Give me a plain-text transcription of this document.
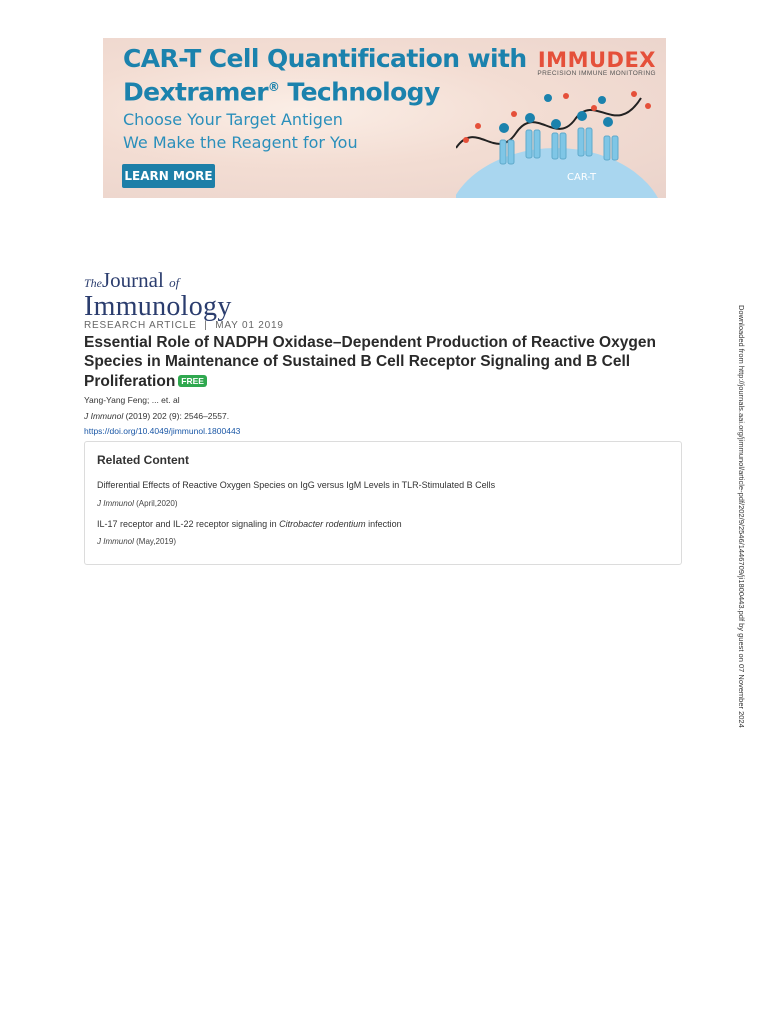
CAR-T Cell Quantification with
Dextramer® Technology
Choose Your Target Antigen
We Make the Reagent for You
LEARN MORE
IMMUDEX
PRECISION IMMUNE MONITORING
CAR-T
TheJournal of
Immunology
RESEARCH ARTICLE | MAY 01 2019
Essential Role of NADPH Oxidase–Dependent Production of Reactive Oxygen Species in Maintenance of Sustained B Cell Receptor Signaling and B Cell Proliferation FREE
Yang-Yang Feng; ... et. al
J Immunol (2019) 202 (9): 2546–2557.
https://doi.org/10.4049/jimmunol.1800443
Related Content
Differential Effects of Reactive Oxygen Species on IgG versus IgM Levels in TLR-Stimulated B Cells
J Immunol (April,2020)
IL-17 receptor and IL-22 receptor signaling in Citrobacter rodentium infection
J Immunol (May,2019)	Downloaded from http://journals.aai.org/jimmunol/article-pdf/202/9/2546/1446709/ji1800443.pdf by guest on 07 November 2024
